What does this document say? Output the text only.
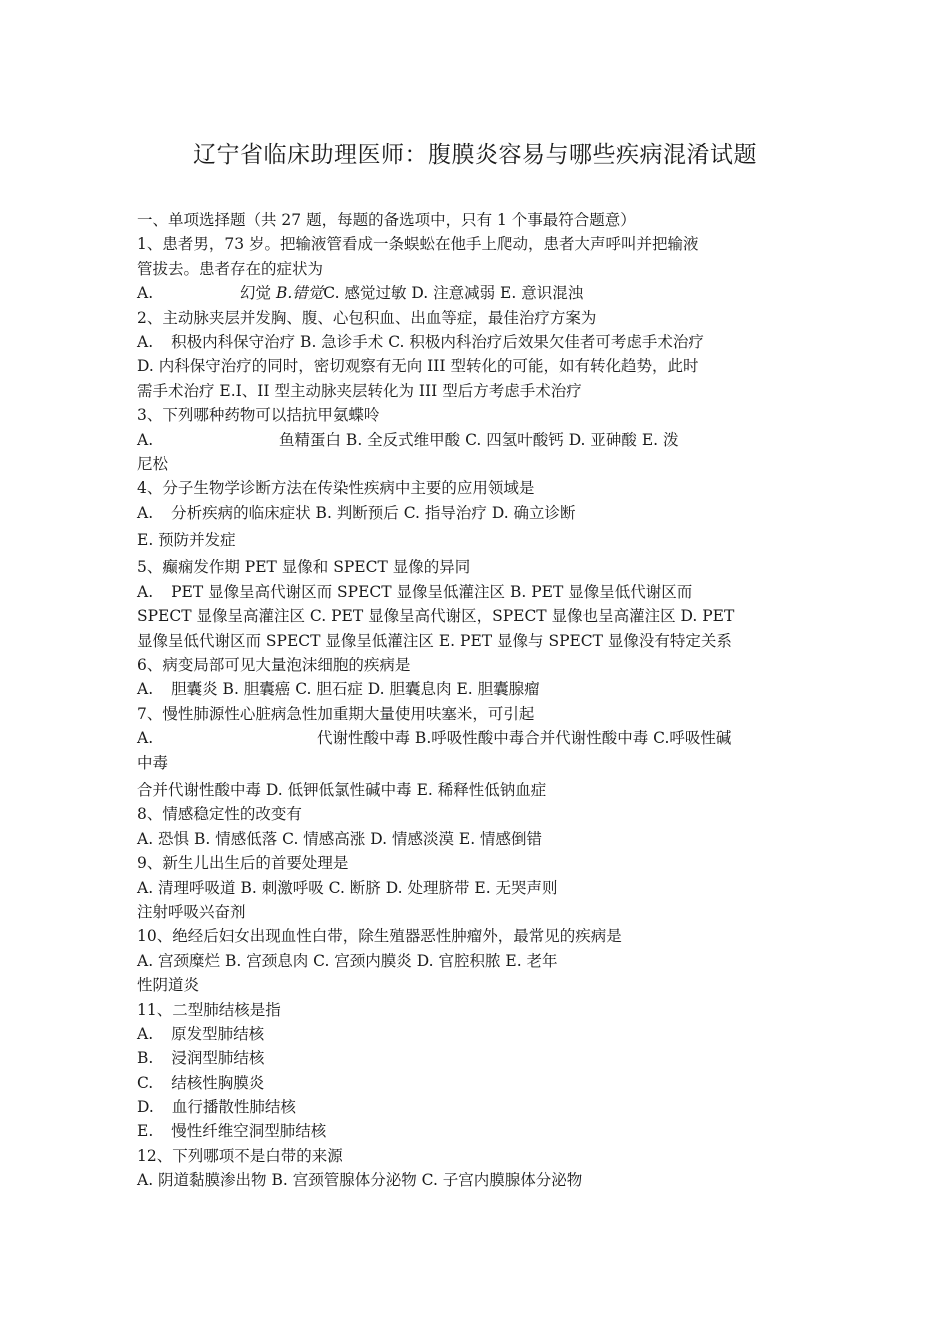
辽宁省临床助理医师：腹膜炎容易与哪些疾病混淆试题
一、单项选择题（共 27 题，每题的备选项中，只有 1 个事最符合题意）
1、患者男，73 岁。把输液管看成一条蜈蚣在他手上爬动，患者大声呼叫并把输液
管拔去。患者存在的症状为
A.	幻觉 B.错觉C. 感觉过敏 D. 注意减弱 E. 意识混浊
2、主动脉夹层并发胸、腹、心包积血、出血等症，最佳治疗方案为
A. 积极内科保守治疗 B. 急诊手术 C. 积极内科治疗后效果欠佳者可考虑手术治疗
D. 内科保守治疗的同时，密切观察有无向 III 型转化的可能，如有转化趋势，此时
需手术治疗 E.I、II 型主动脉夹层转化为 III 型后方考虑手术治疗
3、下列哪种药物可以拮抗甲氨蝶呤
A.	鱼精蛋白 B. 全反式维甲酸 C. 四氢叶酸钙 D. 亚砷酸 E. 泼
尼松
4、分子生物学诊断方法在传染性疾病中主要的应用领域是
A. 分析疾病的临床症状 B. 判断预后 C. 指导治疗 D. 确立诊断
E. 预防并发症
5、癫痫发作期 PET 显像和 SPECT 显像的异同
A. PET 显像呈高代谢区而 SPECT 显像呈低灌注区 B. PET 显像呈低代谢区而
SPECT 显像呈高灌注区 C. PET 显像呈高代谢区，SPECT 显像也呈高灌注区 D. PET
显像呈低代谢区而 SPECT 显像呈低灌注区 E. PET 显像与 SPECT 显像没有特定关系
6、病变局部可见大量泡沫细胞的疾病是
A. 胆囊炎 B. 胆囊癌 C. 胆石症 D. 胆囊息肉 E. 胆囊腺瘤
7、慢性肺源性心脏病急性加重期大量使用呋塞米，可引起
A.	代谢性酸中毒 B.呼吸性酸中毒合并代谢性酸中毒 C.呼吸性碱
中毒
合并代谢性酸中毒 D. 低钾低氯性碱中毒 E. 稀释性低钠血症
8、情感稳定性的改变有
A. 恐惧 B. 情感低落 C. 情感高涨 D. 情感淡漠 E. 情感倒错
9、新生儿出生后的首要处理是
A. 清理呼吸道 B. 刺激呼吸 C. 断脐 D. 处理脐带 E. 无哭声则
注射呼吸兴奋剂
10、绝经后妇女出现血性白带，除生殖器恶性肿瘤外，最常见的疾病是
A. 宫颈糜烂 B. 宫颈息肉 C. 宫颈内膜炎 D. 官腔积脓 E. 老年
性阴道炎
11、二型肺结核是指
A. 原发型肺结核
B. 浸润型肺结核
C. 结核性胸膜炎
D. 血行播散性肺结核
E. 慢性纤维空洞型肺结核
12、下列哪项不是白带的来源
A. 阴道黏膜渗出物 B. 宫颈管腺体分泌物 C. 子宫内膜腺体分泌物
